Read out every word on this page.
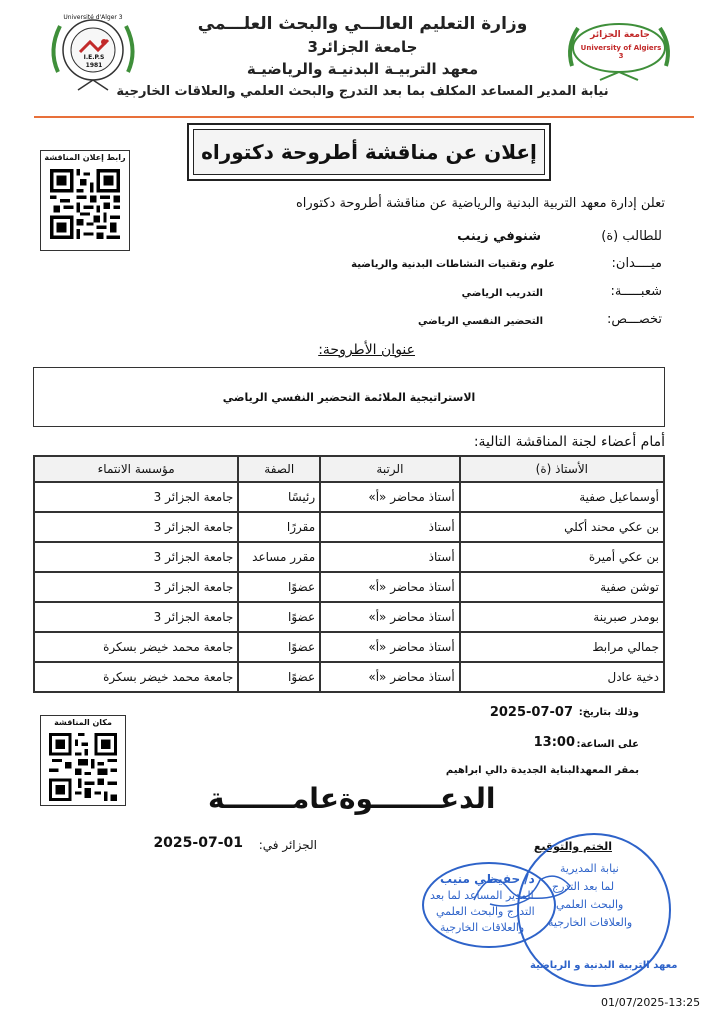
Université d'Alger 3
I.E.P.S
1981
جامعة الجزائر
University of Algiers 3
وزارة التعليم العالـــي والبحث العلـــمي
جامعة الجزائر3
معهد التربيـة البدنيـة والرياضيـة
نيابة المدير المساعد المكلف بما بعد التدرج والبحث العلمي والعلاقات الخارجية
إعلان عن مناقشة أطروحة دكتوراه
رابط إعلان المناقشة
تعلن إدارة معهد التربية البدنية والرياضية عن مناقشة أطروحة دكتوراه
للطالب (ة)
شنوفي زينب
ميــــدان:
علوم وتقنيات النشاطات البدنية والرياضية
شعبـــــة:
التدريب الرياضي
تخصـــص:
التحضير النفسي الرياضي
عنوان الأطروحة:
الاستراتيجية الملائمة التحضير النفسي الرياضي
أمام أعضاء لجنة المناقشة التالية:
الأستاذ (ة)	الرتبة	الصفة	مؤسسة الانتماء
أوسماعيل صفية	أستاذ محاضر «أ»	رئيسًا	جامعة الجزائر 3
بن عكي محند أكلي	أستاذ	مقررًا	جامعة الجزائر 3
بن عكي أميرة	أستاذ	مقرر مساعد	جامعة الجزائر 3
توشن صفية	أستاذ محاضر «أ»	عضوًا	جامعة الجزائر 3
بومدر صبرينة	أستاذ محاضر «أ»	عضوًا	جامعة الجزائر 3
جمالي مرابط	أستاذ محاضر «أ»	عضوًا	جامعة محمد خيضر بسكرة
دخية عادل	أستاذ محاضر «أ»	عضوًا	جامعة محمد خيضر بسكرة
وذلك بتاريخ:
2025-07-07
على الساعة:
13:00
بمقر المعهد:
البناية الجديدة دالي ابراهيم
مكان المناقشة
الدعـــــــوةعامـــــــة
الجزائر في:
2025-07-01	الختم والتوقيع
نيابة المديرية
لما بعد التدرج
والبحث العلمي
والعلاقات الخارجية
معهد التربية البدنية و الرياضية
د/ حفيظي منيب
المدير المساعد لما بعد
التدرج والبحث العلمي
والعلاقات الخارجية
01/07/2025-13:25
